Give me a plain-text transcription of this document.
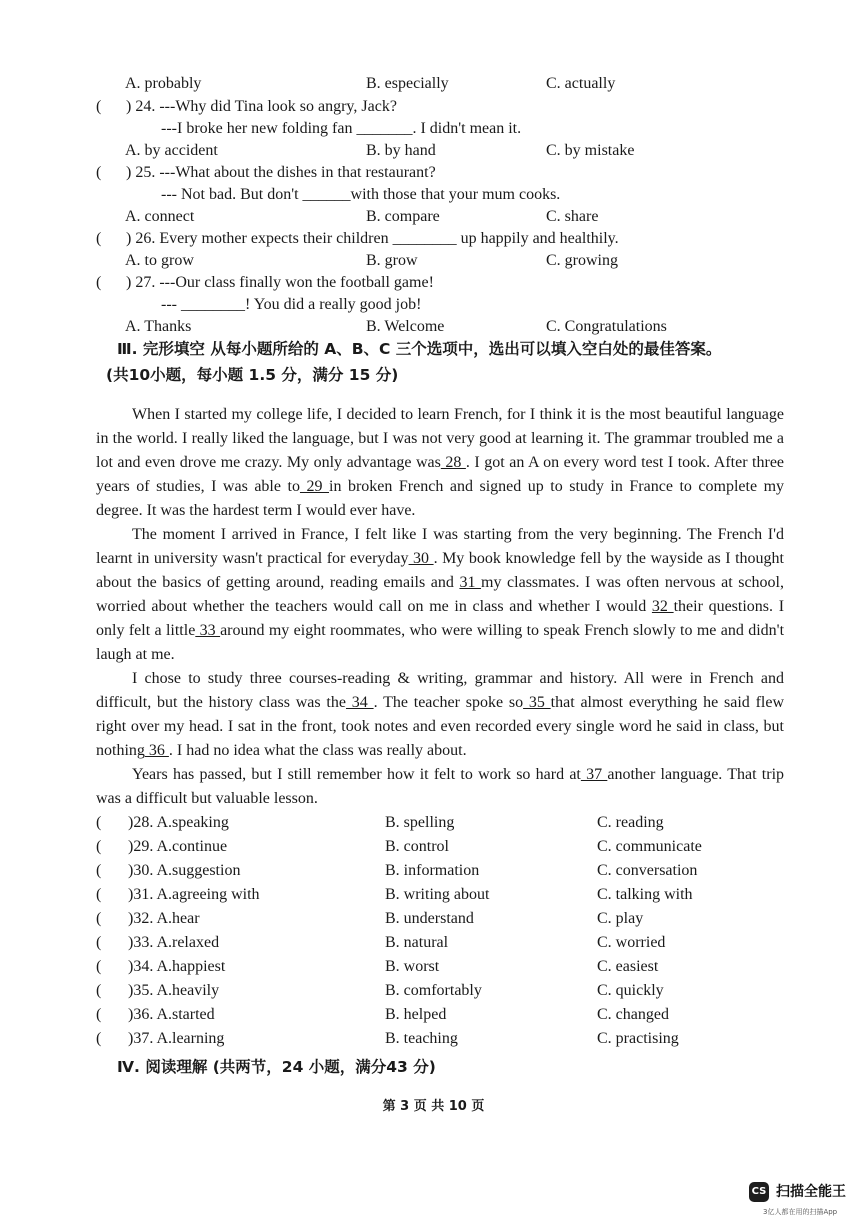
A. probably	B. especially	C. actually
( ) 24. ---Why did Tina look so angry, Jack?
---I broke her new folding fan _______. I didn't mean it.
A. by accident	B. by hand	C. by mistake
( ) 25. ---What about the dishes in that restaurant?
--- Not bad. But don't ______with those that your mum cooks.
A. connect	B. compare	C. share
( ) 26. Every mother expects their children ________ up happily and healthily.
A. to grow	B. grow	C. growing
( ) 27. ---Our class finally won the football game!
--- ________! You did a really good job!
A. Thanks	B. Welcome	C. Congratulations
Ⅲ. 完形填空 从每小题所给的 A、B、C 三个选项中，选出可以填入空白处的最佳答案。
(共10小题，每小题 1.5 分，满分 15 分)

When I started my college life, I decided to learn French, for I think it is the most beautiful language in the world. I really liked the language, but I was not very good at learning it. The grammar troubled me a lot and even drove me crazy. My only advantage was 28 . I got an A on every word test I took. After three years of studies, I was able to 29 in broken French and signed up to study in France to complete my degree. It was the hardest term I would ever have.

The moment I arrived in France, I felt like I was starting from the very beginning. The French I'd learnt in university wasn't practical for everyday 30 . My book knowledge fell by the wayside as I thought about the basics of getting around, reading emails and 31 my classmates. I was often nervous at school, worried about whether the teachers would call on me in class and whether I would 32 their questions. I only felt a little 33 around my eight roommates, who were willing to speak French slowly to me and didn't laugh at me.

I chose to study three courses-reading & writing, grammar and history. All were in French and difficult, but the history class was the 34 . The teacher spoke so 35 that almost everything he said flew right over my head. I sat in the front, took notes and even recorded every single word he said in class, but nothing 36 . I had no idea what the class was really about.

Years has passed, but I still remember how it felt to work so hard at 37 another language. That trip was a difficult but valuable lesson.

( )28. A.speaking	B. spelling	C. reading
( )29. A.continue	B. control	C. communicate
( )30. A.suggestion	B. information	C. conversation
( )31. A.agreeing with	B. writing about	C. talking with
( )32. A.hear	B. understand	C. play
( )33. A.relaxed	B. natural	C. worried
( )34. A.happiest	B. worst	C. easiest
( )35. A.heavily	B. comfortably	C. quickly
( )36. A.started	B. helped	C. changed
( )37. A.learning	B. teaching	C. practising
Ⅳ. 阅读理解 (共两节，24 小题，满分43 分)
第 3 页 共 10 页
CS 扫描全能王
3亿人都在用的扫描App
